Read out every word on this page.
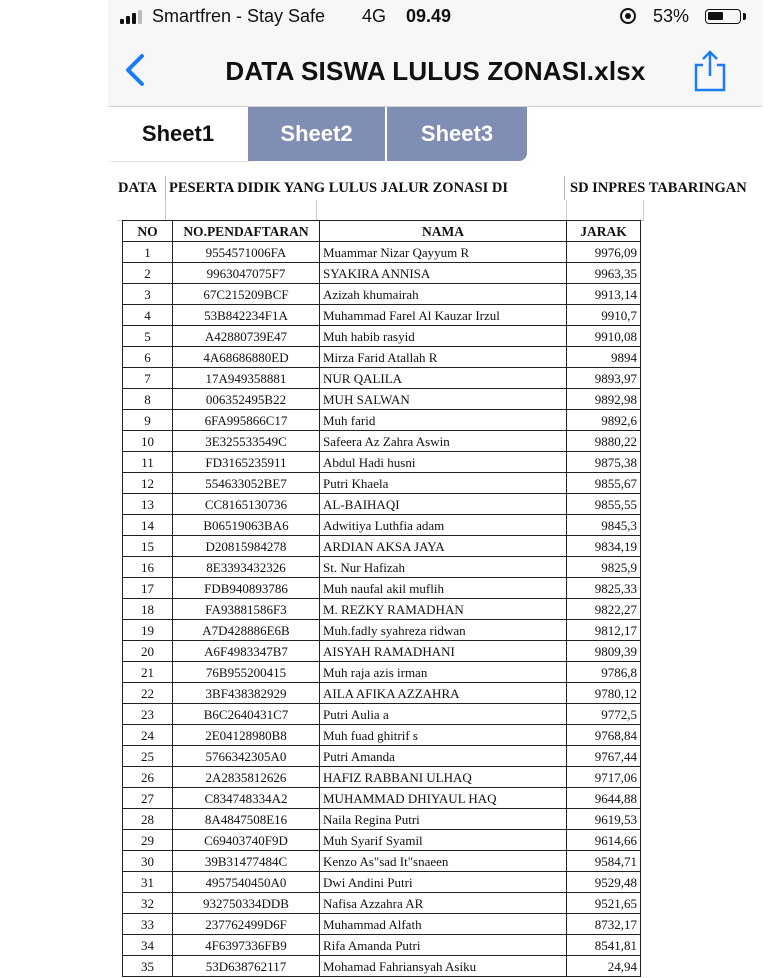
Smartfren - Stay Safe 4G 09.49	53%
DATA SISWA LULUS ZONASI.xlsx
Sheet1	Sheet2	Sheet3
DATA PESERTA DIDIK YANG LULUS JALUR ZONASI DI	SD INPRES TABARINGAN
NO	NO.PENDAFTARAN	NAMA	JARAK
1	9554571006FA	Muammar Nizar Qayyum R	9976,09
2	9963047075F7	SYAKIRA ANNISA	9963,35
3	67C215209BCF	Azizah khumairah	9913,14
4	53B842234F1A	Muhammad Farel Al Kauzar Irzul	9910,7
5	A42880739E47	Muh habib rasyid	9910,08
6	4A68686880ED	Mirza Farid Atallah R	9894
7	17A949358881	NUR QALILA	9893,97
8	006352495B22	MUH SALWAN	9892,98
9	6FA995866C17	Muh farid	9892,6
10	3E325533549C	Safeera Az Zahra Aswin	9880,22
11	FD3165235911	Abdul Hadi husni	9875,38
12	554633052BE7	Putri Khaela	9855,67
13	CC8165130736	AL-BAIHAQI	9855,55
14	B06519063BA6	Adwitiya Luthfia adam	9845,3
15	D20815984278	ARDIAN AKSA JAYA	9834,19
16	8E3393432326	St. Nur Hafizah	9825,9
17	FDB940893786	Muh naufal akil muflih	9825,33
18	FA93881586F3	M. REZKY RAMADHAN	9822,27
19	A7D428886E6B	Muh.fadly syahreza ridwan	9812,17
20	A6F4983347B7	AISYAH RAMADHANI	9809,39
21	76B955200415	Muh raja azis irman	9786,8
22	3BF438382929	AILA AFIKA AZZAHRA	9780,12
23	B6C2640431C7	Putri Aulia a	9772,5
24	2E04128980B8	Muh fuad ghitrif s	9768,84
25	5766342305A0	Putri Amanda	9767,44
26	2A2835812626	HAFIZ RABBANI ULHAQ	9717,06
27	C834748334A2	MUHAMMAD DHIYAUL HAQ	9644,88
28	8A4847508E16	Naila Regina Putri	9619,53
29	C69403740F9D	Muh Syarif Syamil	9614,66
30	39B31477484C	Kenzo As"sad It"snaeen	9584,71
31	4957540450A0	Dwi Andini Putri	9529,48
32	932750334DDB	Nafisa Azzahra AR	9521,65
33	237762499D6F	Muhammad Alfath	8732,17
34	4F6397336FB9	Rifa Amanda Putri	8541,81
35	53D638762117	Mohamad Fahriansyah Asiku	24,94
